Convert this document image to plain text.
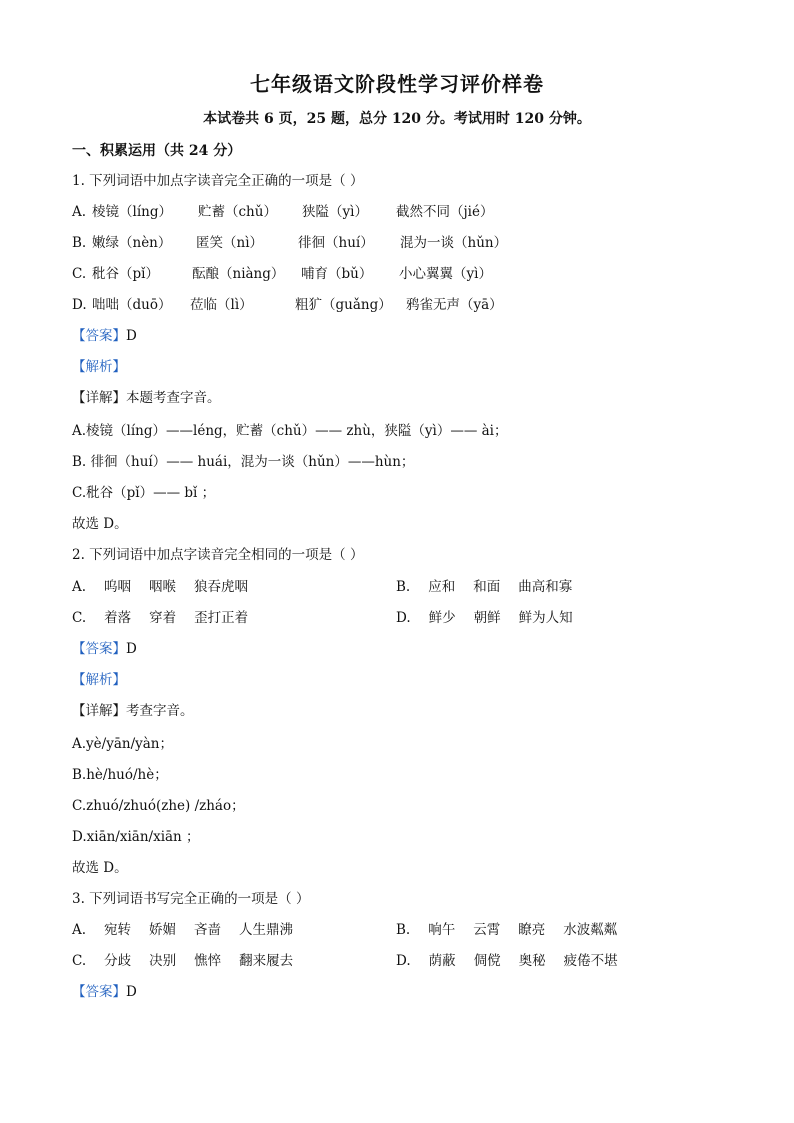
七年级语文阶段性学习评价样卷
本试卷共 6 页，25 题，总分 120 分。考试用时 120 分钟。
一、积累运用（共 24 分）
1. 下列词语中加点字读音完全正确的一项是（ ）
A. 棱镜（líng） 贮蓄（chǔ） 狭隘（yì） 截然不同（jié）
B. 嫩绿（nèn） 匿笑（nì）	徘徊（huí） 混为一谈（hǔn）
C. 秕谷（pǐ） 酝酿（niàng） 哺育（bǔ） 小心翼翼（yì）
D. 咄咄（duō） 莅临（lì）	粗犷（guǎng） 鸦雀无声（yā）
【答案】D
【解析】
【详解】本题考查字音。
A.棱镜（líng）——léng，贮蓄（chǔ）—— zhù，狭隘（yì）—— ài；
B. 徘徊（huí）—— huái，混为一谈（hǔn）——hùn；
C.秕谷（pǐ）—— bǐ ；
故选 D。
2. 下列词语中加点字读音完全相同的一项是（ ）
A. 呜咽 咽喉 狼吞虎咽	B. 应和 和面 曲高和寡
C. 着落 穿着 歪打正着	D. 鲜少 朝鲜 鲜为人知
【答案】D
【解析】
【详解】考查字音。
A.yè/yān/yàn；
B.hè/huó/hè；
C.zhuó/zhuó(zhe) /zháo；
D.xiān/xiān/xiān ；
故选 D。
3. 下列词语书写完全正确的一项是（ ）
A. 宛转 娇媚 吝啬 人生鼎沸	B. 响午 云霄 瞭亮 水波粼粼
C. 分歧 决别 憔悴 翻来履去	D. 荫蔽 倜傥 奥秘 疲倦不堪
【答案】D
